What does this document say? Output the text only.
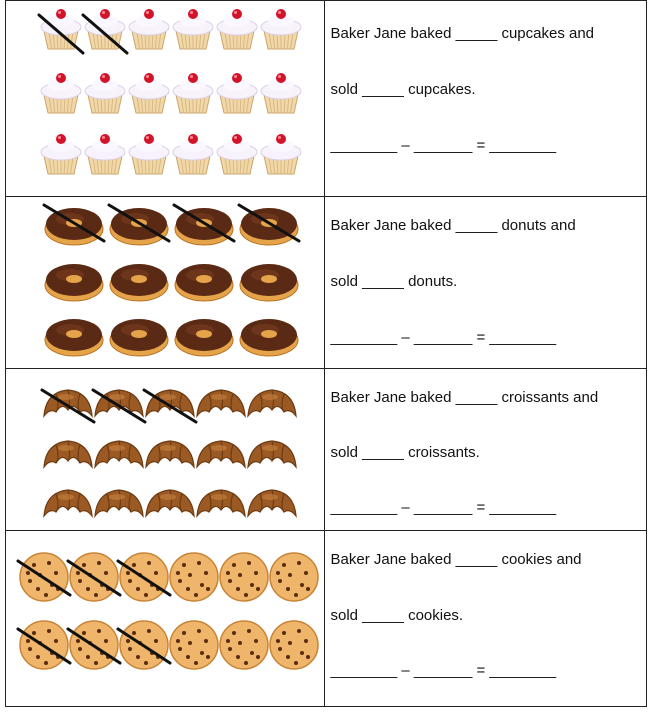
Baker Jane baked _____ cupcakes and
sold _____ cupcakes.
________ – _______ = ________

Baker Jane baked _____ donuts and
sold _____ donuts.
________ – _______ = ________

Baker Jane baked _____ croissants and
sold _____ croissants.
________ – _______ = ________

Baker Jane baked _____ cookies and
sold _____ cookies.
________ – _______ = ________
